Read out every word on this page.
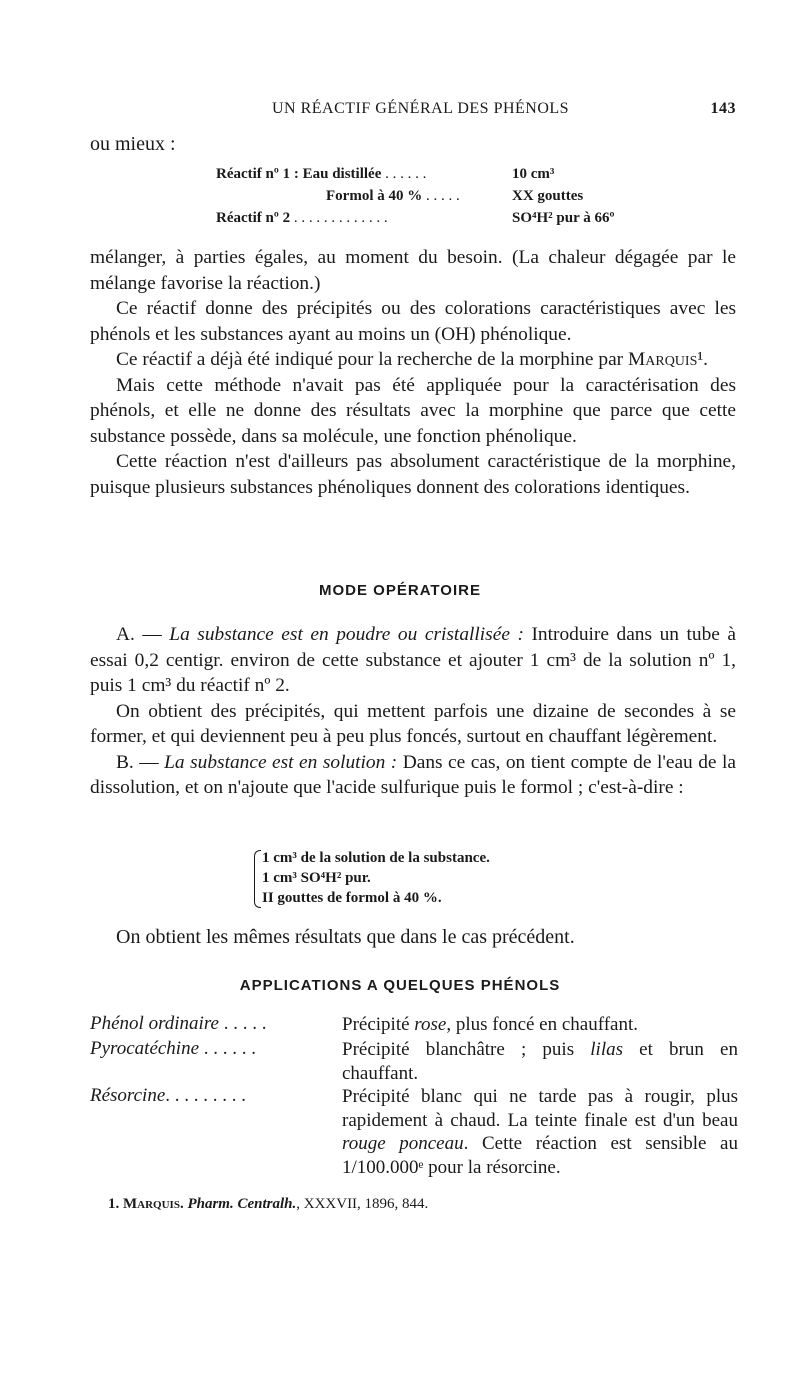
UN RÉACTIF GÉNÉRAL DES PHÉNOLS	143
ou mieux :
Réactif nº 1 : Eau distillée . . . . . .	10 cm³
Formol à 40 % . . . . .	XX gouttes
Réactif nº 2 . . . . . . . . . . . . .	SO⁴H² pur à 66º

mélanger, à parties égales, au moment du besoin. (La chaleur dégagée par le mélange favorise la réaction.)

Ce réactif donne des précipités ou des colorations caractéristiques avec les phénols et les substances ayant au moins un (OH) phénolique.

Ce réactif a déjà été indiqué pour la recherche de la morphine par Marquis¹.

Mais cette méthode n'avait pas été appliquée pour la caractérisation des phénols, et elle ne donne des résultats avec la morphine que parce que cette substance possède, dans sa molécule, une fonction phénolique.

Cette réaction n'est d'ailleurs pas absolument caractéristique de la morphine, puisque plusieurs substances phénoliques donnent des colorations identiques.

MODE OPÉRATOIRE

A. — La substance est en poudre ou cristallisée : Introduire dans un tube à essai 0,2 centigr. environ de cette substance et ajouter 1 cm³ de la solution nº 1, puis 1 cm³ du réactif nº 2.

On obtient des précipités, qui mettent parfois une dizaine de secondes à se former, et qui deviennent peu à peu plus foncés, surtout en chauffant légèrement.

B. — La substance est en solution : Dans ce cas, on tient compte de l'eau de la dissolution, et on n'ajoute que l'acide sulfurique puis le formol ; c'est-à-dire :

1 cm³ de la solution de la substance.
1 cm³ SO⁴H² pur.
II gouttes de formol à 40 %.

On obtient les mêmes résultats que dans le cas précédent.

APPLICATIONS A QUELQUES PHÉNOLS
Phénol ordinaire . . . . .	Précipité rose, plus foncé en chauffant.
Pyrocatéchine . . . . . .	Précipité blanchâtre ; puis lilas et brun en chauffant.
Résorcine. . . . . . . . .	Précipité blanc qui ne tarde pas à rougir, plus rapidement à chaud. La teinte finale est d'un beau rouge ponceau. Cette réaction est sensible au 1/100.000ᵉ pour la résorcine.
1. Marquis. Pharm. Centralh., XXXVII, 1896, 844.
